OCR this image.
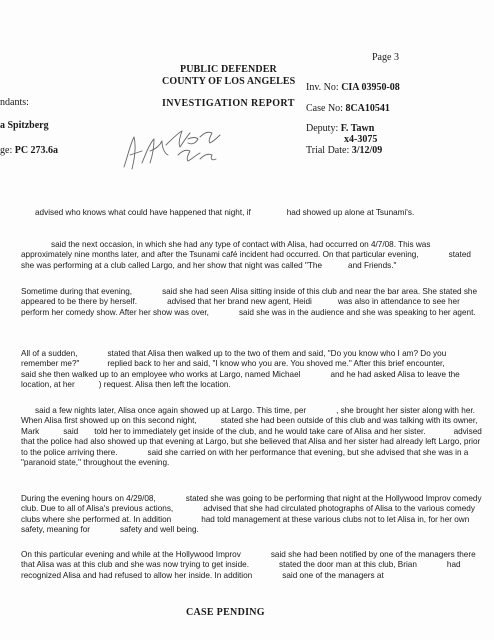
Page 3
PUBLIC DEFENDER
COUNTY OF LOS ANGELES
INVESTIGATION REPORT
ndants:
a Spitzberg
ge: PC 273.6a
Inv. No: CIA 03950-08
Case No: 8CA10541
Deputy: F. Tawn
x4-3075
Trial Date: 3/12/09
advised who knows what could have happened that night, if	had showed up alone at Tsunami's.
said the next occasion, in which she had any type of contact with Alisa, had occurred on 4/7/08. This was approximately nine months later, and after the Tsunami café incident had occurred. On that particular evening,	stated she was performing at a club called Largo, and her show that night was called "The	and Friends."
Sometime during that evening,	said she had seen Alisa sitting inside of this club and near the bar area. She stated she appeared to be there by herself.	advised that her brand new agent, Heidi	was also in attendance to see her perform her comedy show. After her show was over,	said she was in the audience and she was speaking to her agent.
All of a sudden,	stated that Alisa then walked up to the two of them and said, "Do you know who I am? Do you remember me?"	replied back to her and said, "I know who you are. You shoved me." After this brief encounter,said she then walked up to an employee who works at Largo, named Michael	and he had asked Alisa to leave the location, at her	) request. Alisa then left the location.
said a few nights later, Alisa once again showed up at Largo. This time, per	, she brought her sister along with her. When Alisa first showed up on this second night,	stated she had been outside of this club and was talking with its owner, Mark	said told her to immediately get inside of the club, and he would take care of Alisa and her sister.	advised that the police had also showed up that evening at Largo, but she believed that Alisa and her sister had already left Largo, prior to the police arriving there.	said she carried on with her performance that evening, but she advised that she was in a "paranoid state," throughout the evening.
During the evening hours on 4/29/08,	stated she was going to be performing that night at the Hollywood Improv comedy club. Due to all of Alisa's previous actions,	advised that she had circulated photographs of Alisa to the various comedy clubs where she performed at. In addition	had told management at these various clubs not to let Alisa in, for her own safety, meaning for	safety and well being.
On this particular evening and while at the Hollywood Improv	said she had been notified by one of the managers there that Alisa was at this club and she was now trying to get inside.	stated the door man at this club, Brian	had recognized Alisa and had refused to allow her inside. In addition	said one of the managers at
CASE PENDING
